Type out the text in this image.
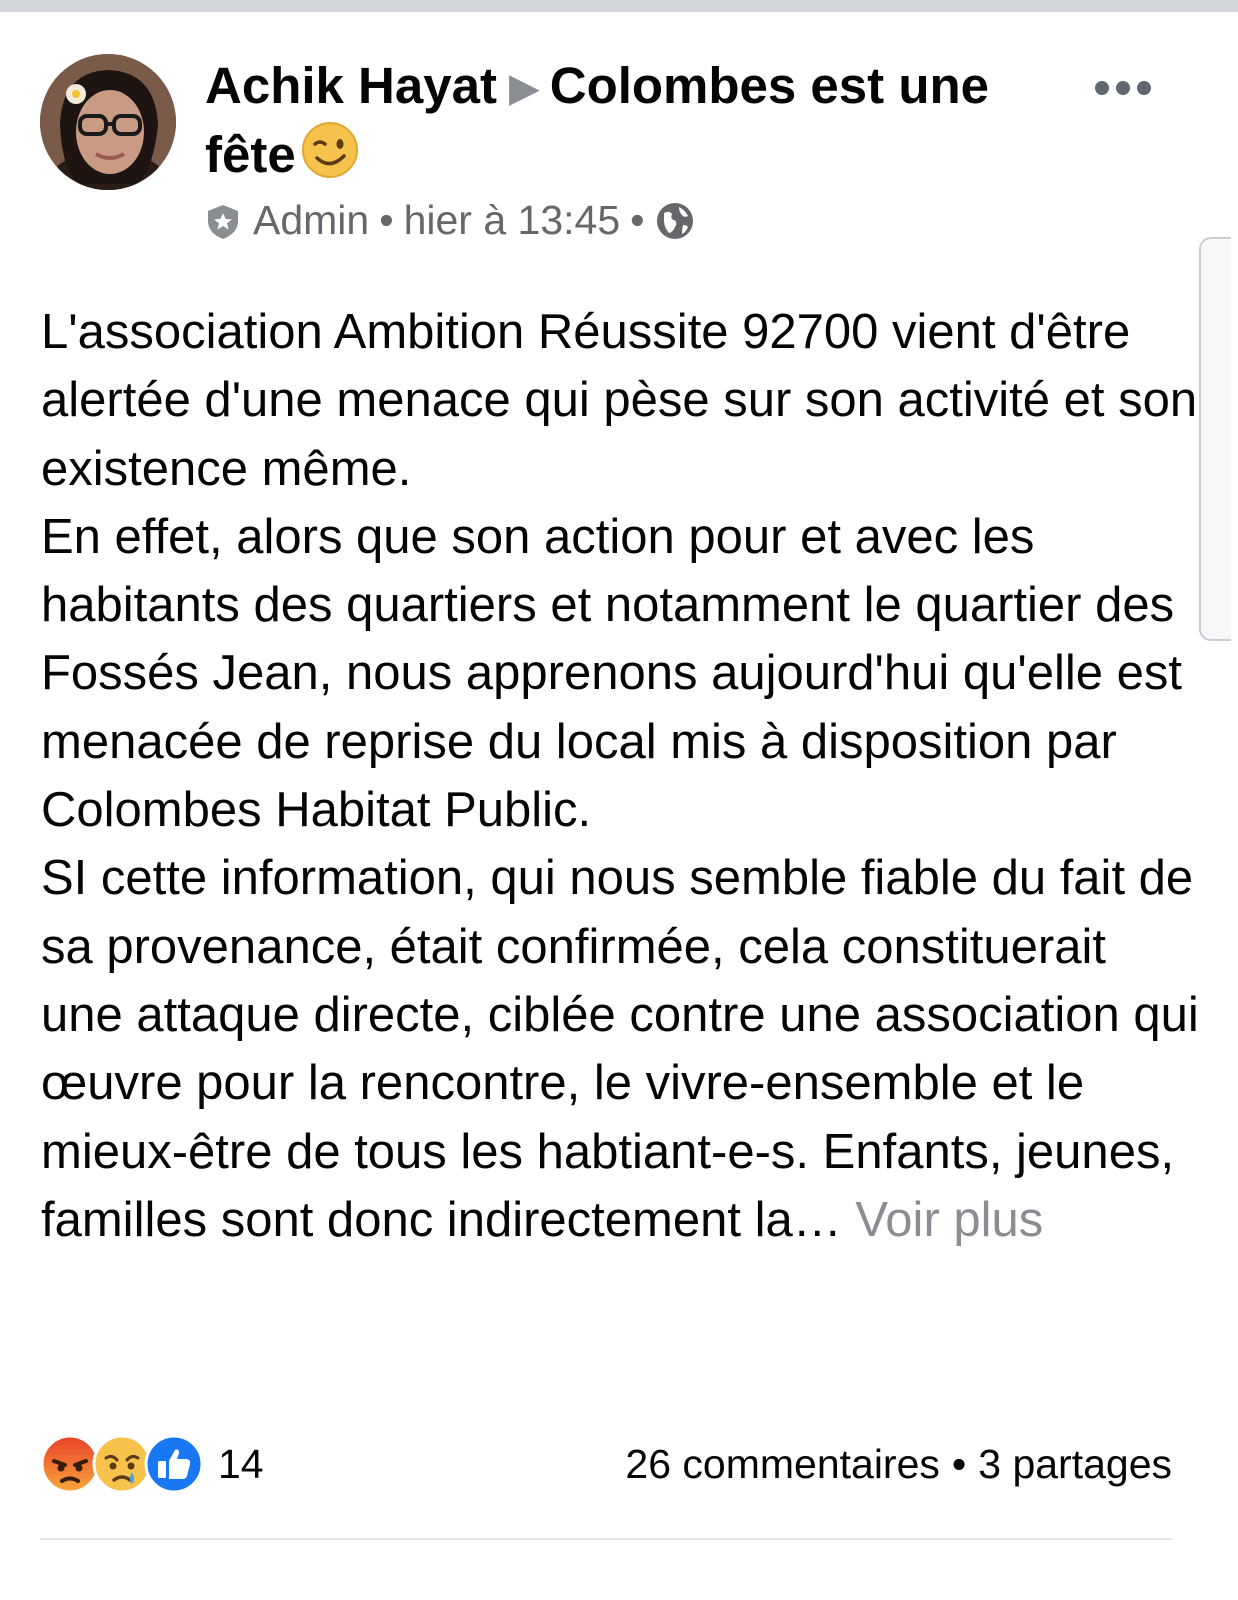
Achik Hayat ▶ Colombes est une fête
Admin • hier à 13:45 •
L'association Ambition Réussite 92700 vient d'être alertée d'une menace qui pèse sur son activité et son existence même.
En effet, alors que son action pour et avec les habitants des quartiers et notamment le quartier des Fossés Jean, nous apprenons aujourd'hui qu'elle est menacée de reprise du local mis à disposition par Colombes Habitat Public.
SI cette information, qui nous semble fiable du fait de sa provenance, était confirmée, cela constituerait une attaque directe, ciblée contre une association qui œuvre pour la rencontre, le vivre-ensemble et le mieux-être de tous les habtiant-e-s. Enfants, jeunes, familles sont donc indirectement la… Voir plus
14	26 commentaires • 3 partages
